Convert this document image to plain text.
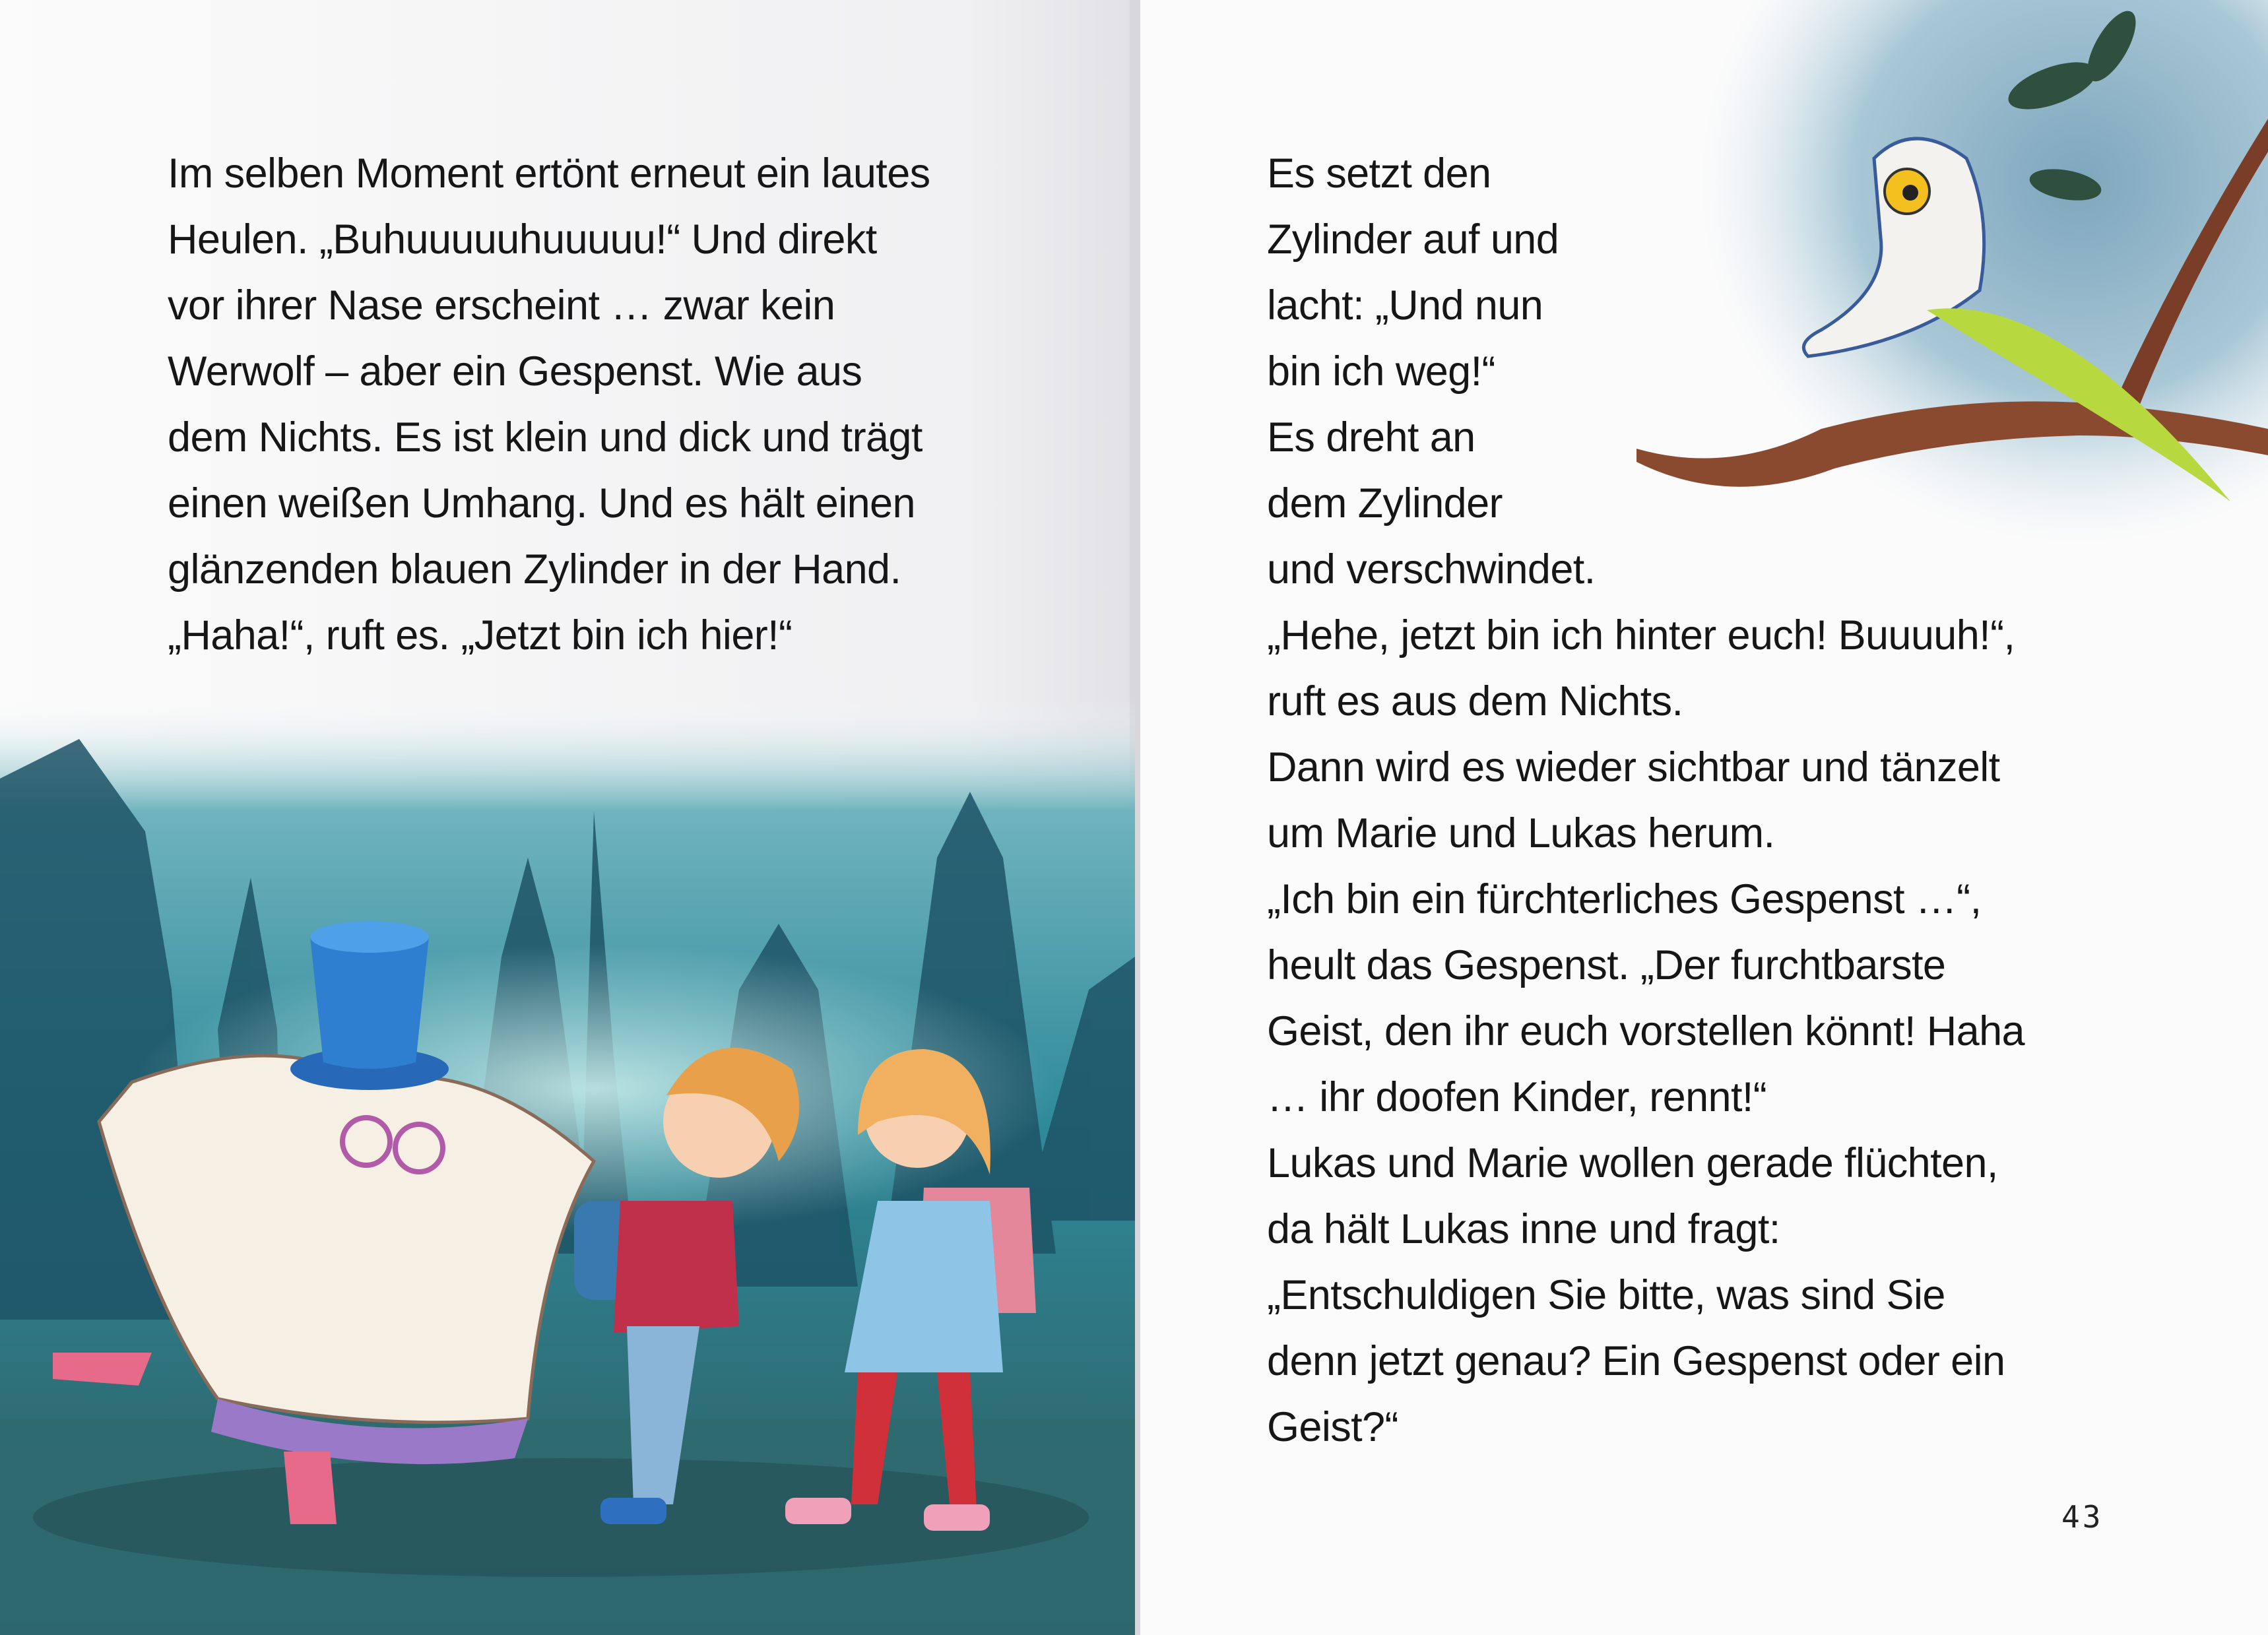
Im selben Moment ertönt erneut ein lautes
Heulen. „Buhuuuuuhuuuuu!“ Und direkt
vor ihrer Nase erscheint … zwar kein
Werwolf – aber ein Gespenst. Wie aus
dem Nichts. Es ist klein und dick und trägt
einen weißen Umhang. Und es hält einen
glänzenden blauen Zylinder in der Hand.
„Haha!“, ruft es. „Jetzt bin ich hier!“
Es setzt den
Zylinder auf und
lacht: „Und nun
bin ich weg!“
Es dreht an
dem Zylinder
und verschwindet.
„Hehe, jetzt bin ich hinter euch! Buuuuh!“,
ruft es aus dem Nichts.
Dann wird es wieder sichtbar und tänzelt
um Marie und Lukas herum.
„Ich bin ein fürchterliches Gespenst …“,
heult das Gespenst. „Der furchtbarste
Geist, den ihr euch vorstellen könnt! Haha
… ihr doofen Kinder, rennt!“
Lukas und Marie wollen gerade flüchten,
da hält Lukas inne und fragt:
„Entschuldigen Sie bitte, was sind Sie
denn jetzt genau? Ein Gespenst oder ein
Geist?“
43
